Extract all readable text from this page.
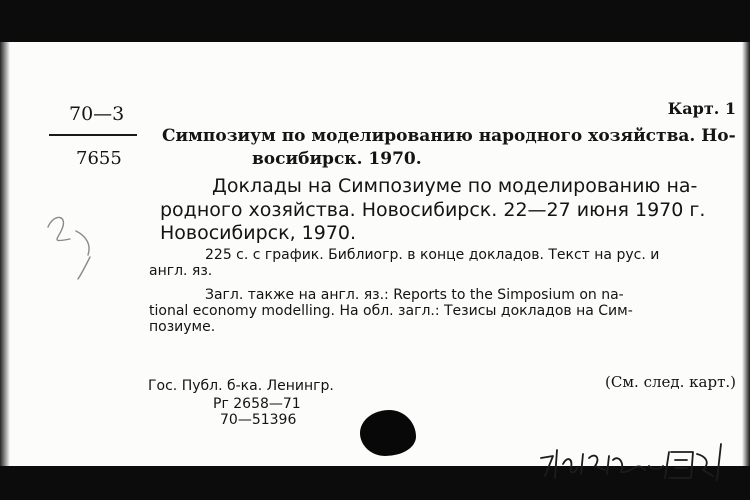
70—3

7655

Карт. 1

Симпозиум по моделированию народного хозяйства. Но-

восибирск. 1970.

Доклады на Симпозиуме по моделированию на-

родного хозяйства. Новосибирск. 22—27 июня 1970 г.

Новосибирск, 1970.

225 с. с график. Библиогр. в конце докладов. Текст на рус. и

англ. яз.

Загл. также на англ. яз.: Reports to the Simposium on na-

tional economy modelling. На обл. загл.: Тезисы докладов на Сим-

позиуме.

Гос. Публ. б-ка. Ленингр.

Рг 2658—71

70—51396

(См. след. карт.)
